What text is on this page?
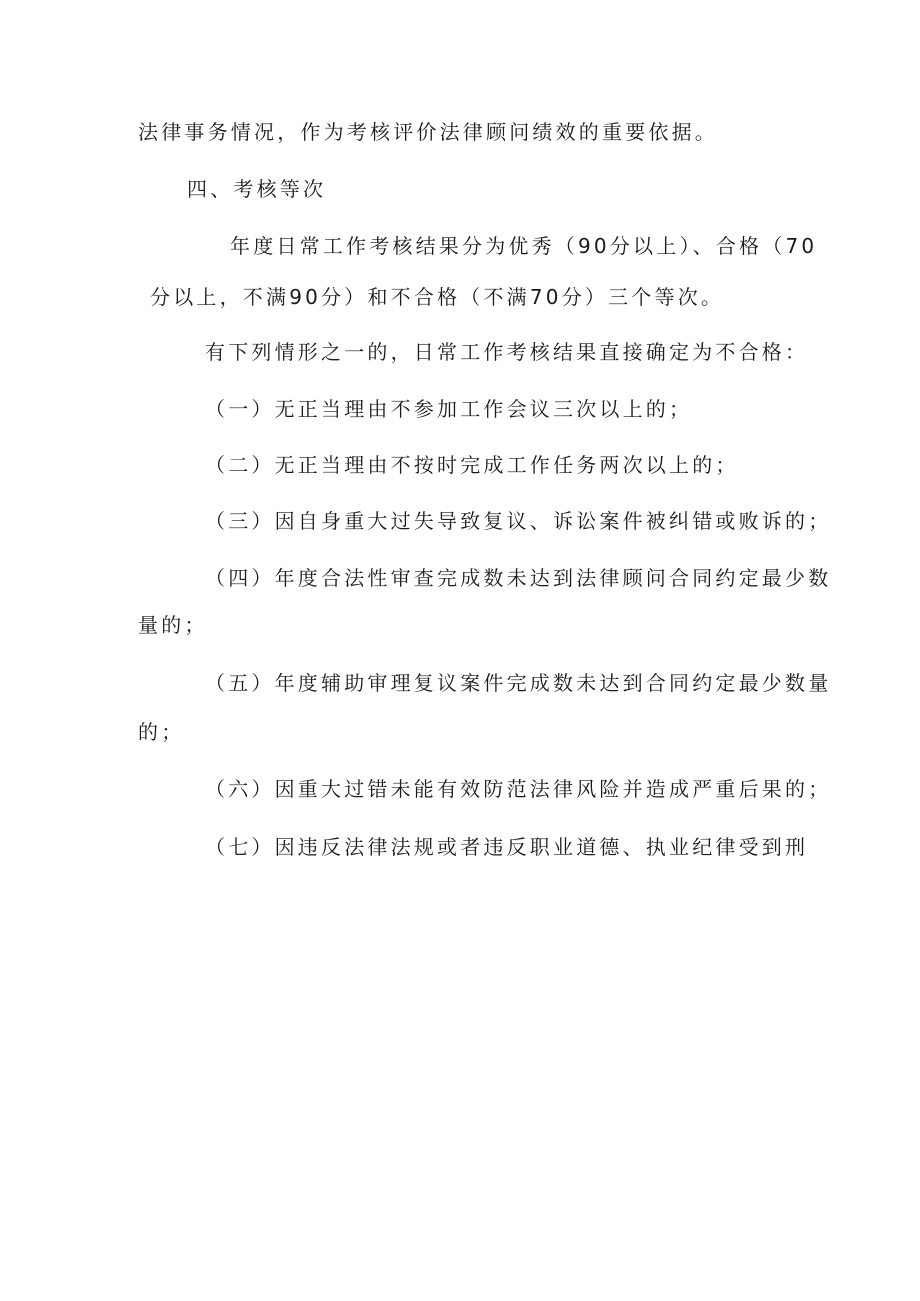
法律事务情况，作为考核评价法律顾问绩效的重要依据。

四、考核等次

年度日常工作考核结果分为优秀（90分以上）、合格（70

分以上，不满90分）和不合格（不满70分）三个等次。

有下列情形之一的，日常工作考核结果直接确定为不合格：

（一）无正当理由不参加工作会议三次以上的；

（二）无正当理由不按时完成工作任务两次以上的；

（三）因自身重大过失导致复议、诉讼案件被纠错或败诉的；

（四）年度合法性审查完成数未达到法律顾问合同约定最少数

量的；

（五）年度辅助审理复议案件完成数未达到合同约定最少数量

的；

（六）因重大过错未能有效防范法律风险并造成严重后果的；

（七）因违反法律法规或者违反职业道德、执业纪律受到刑
